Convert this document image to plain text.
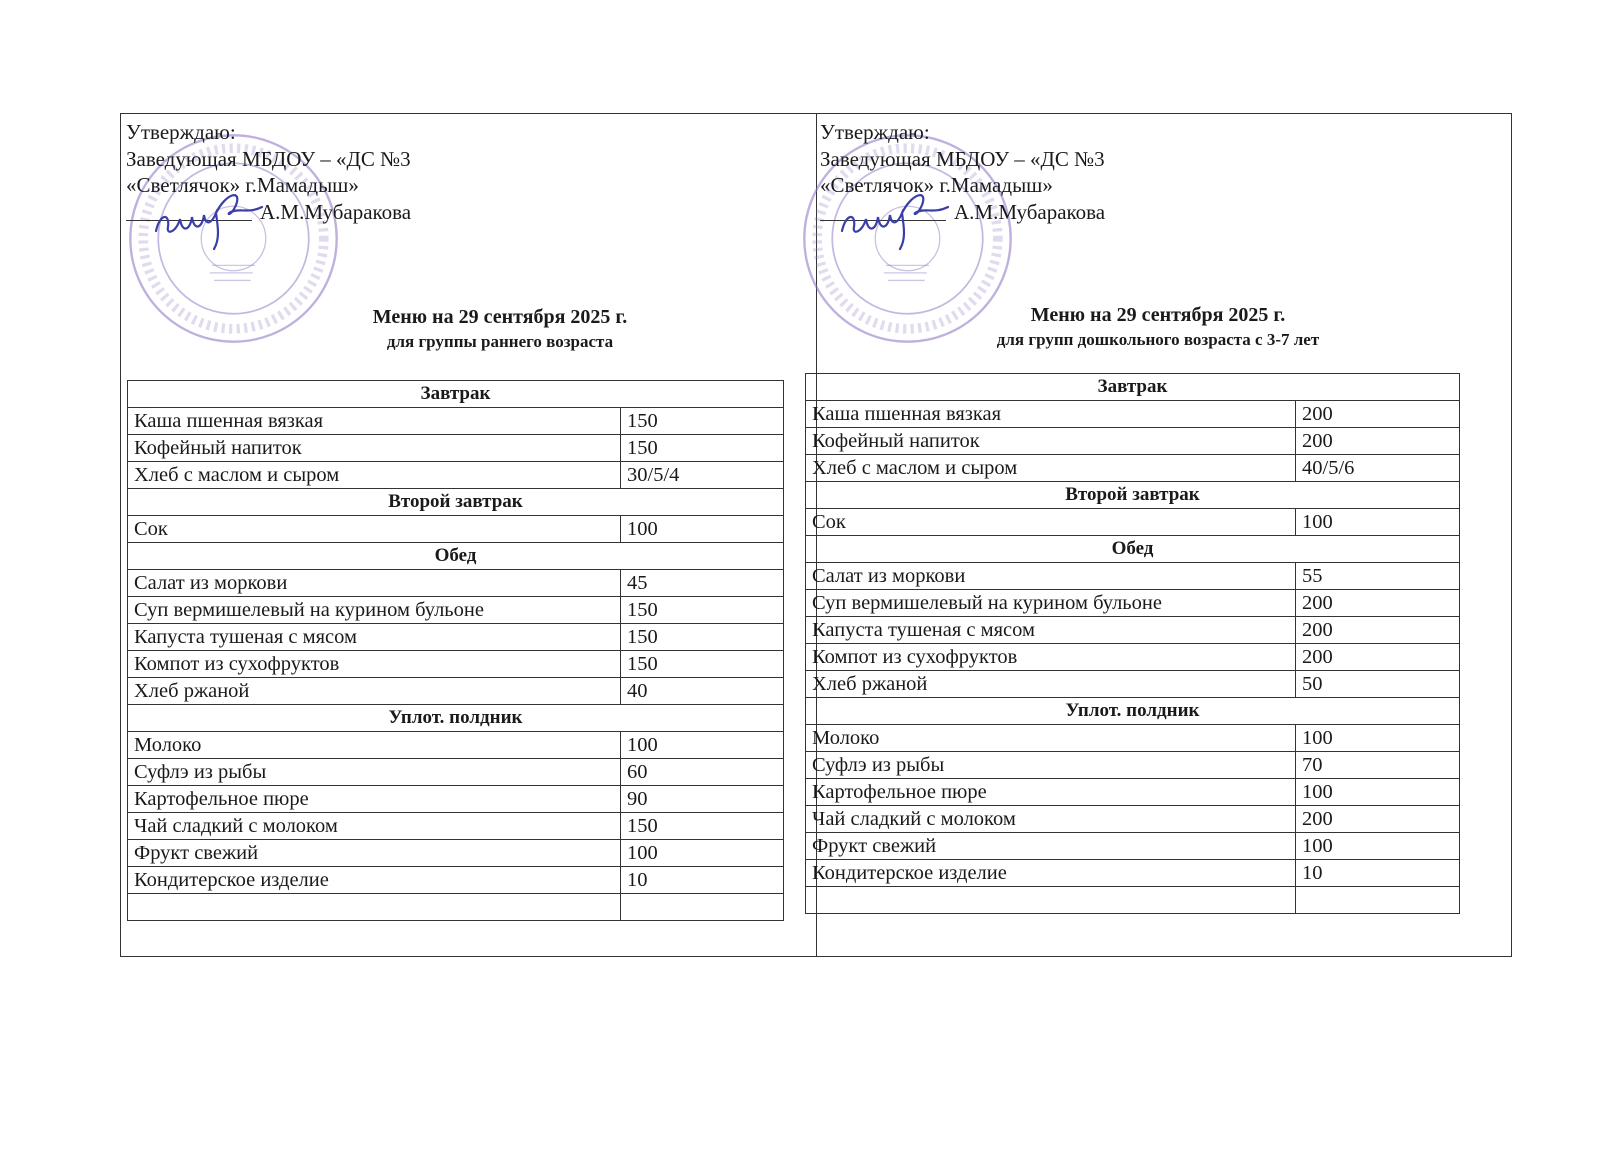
Утверждаю:
Заведующая МБДОУ – «ДС №3
«Светлячок» г.Мамадыш»
А.М.Мубаракова
Меню на 29 сентября 2025 г.
для группы раннего возраста
Завтрак	
Каша пшенная вязкая	150
Кофейный напиток	150
Хлеб с маслом и сыром	30/5/4
Второй завтрак	
Сок	100
Обед	
Салат из моркови	45
Суп вермишелевый на курином бульоне	150
Капуста тушеная с мясом	150
Компот из сухофруктов	150
Хлеб ржаной	40
Уплот. полдник	
Молоко	100
Суфлэ из рыбы	60
Картофельное пюре	90
Чай сладкий с молоком	150
Фрукт свежий	100
Кондитерское изделие	10

Утверждаю:
Заведующая МБДОУ – «ДС №3
«Светлячок» г.Мамадыш»
А.М.Мубаракова
Меню на 29 сентября 2025 г.
для групп дошкольного возраста с 3-7 лет
Завтрак	
Каша пшенная вязкая	200
Кофейный напиток	200
Хлеб с маслом и сыром	40/5/6
Второй завтрак	
Сок	100
Обед	
Салат из моркови	55
Суп вермишелевый на курином бульоне	200
Капуста тушеная с мясом	200
Компот из сухофруктов	200
Хлеб ржаной	50
Уплот. полдник	
Молоко	100
Суфлэ из рыбы	70
Картофельное пюре	100
Чай сладкий с молоком	200
Фрукт свежий	100
Кондитерское изделие	10
